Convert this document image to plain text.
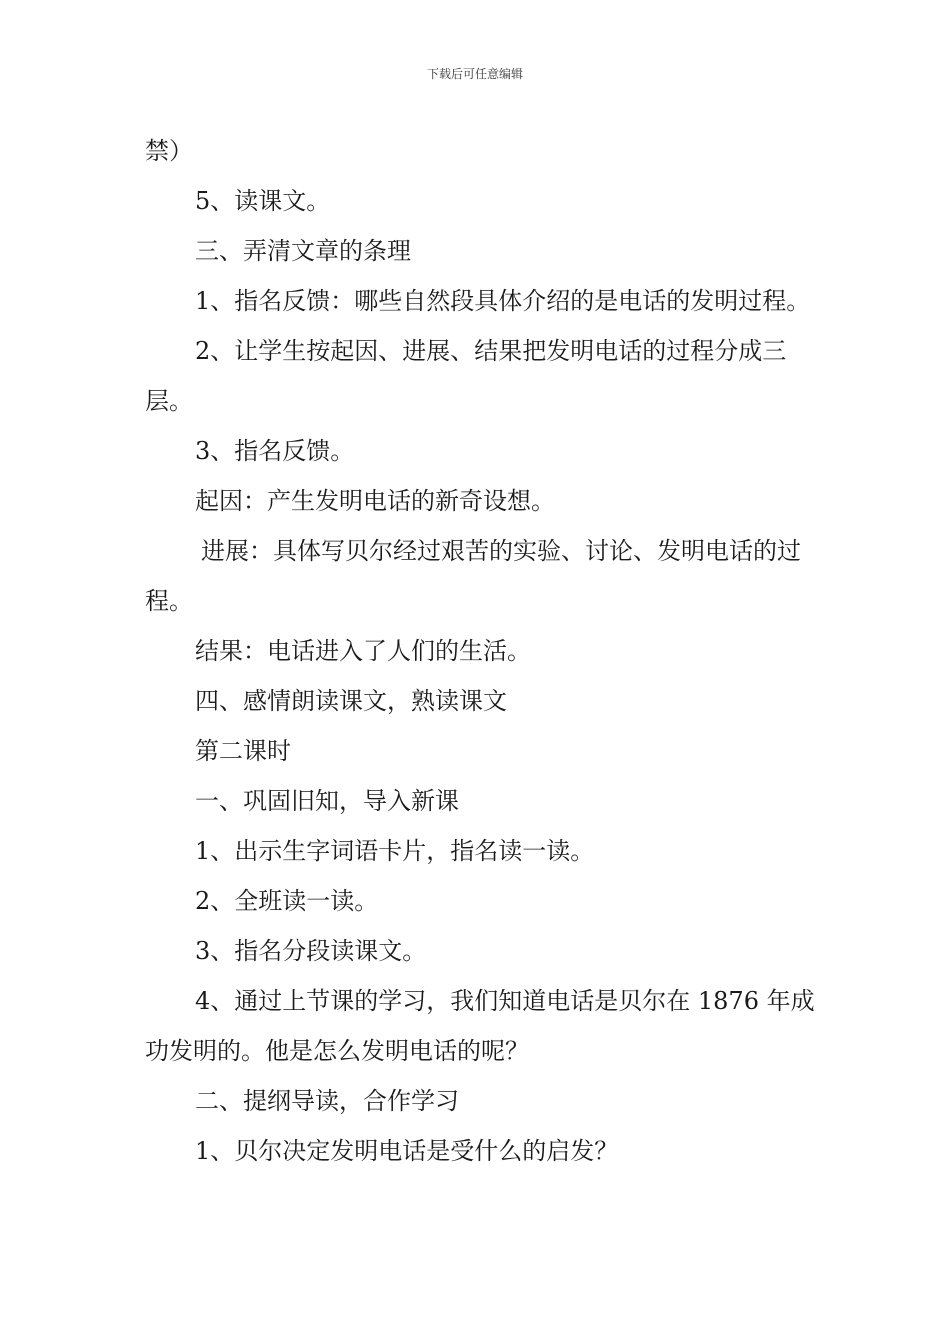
下载后可任意编辑

禁）

5、读课文。

三、弄清文章的条理

1、指名反馈：哪些自然段具体介绍的是电话的发明过程。

2、让学生按起因、进展、结果把发明电话的过程分成三层。

3、指名反馈。

起因：产生发明电话的新奇设想。

进展：具体写贝尔经过艰苦的实验、讨论、发明电话的过程。

结果：电话进入了人们的生活。

四、感情朗读课文，熟读课文

第二课时

一、巩固旧知，导入新课

1、出示生字词语卡片，指名读一读。

2、全班读一读。

3、指名分段读课文。

4、通过上节课的学习，我们知道电话是贝尔在 1876 年成功发明的。他是怎么发明电话的呢？

二、提纲导读，合作学习

1、贝尔决定发明电话是受什么的启发？
